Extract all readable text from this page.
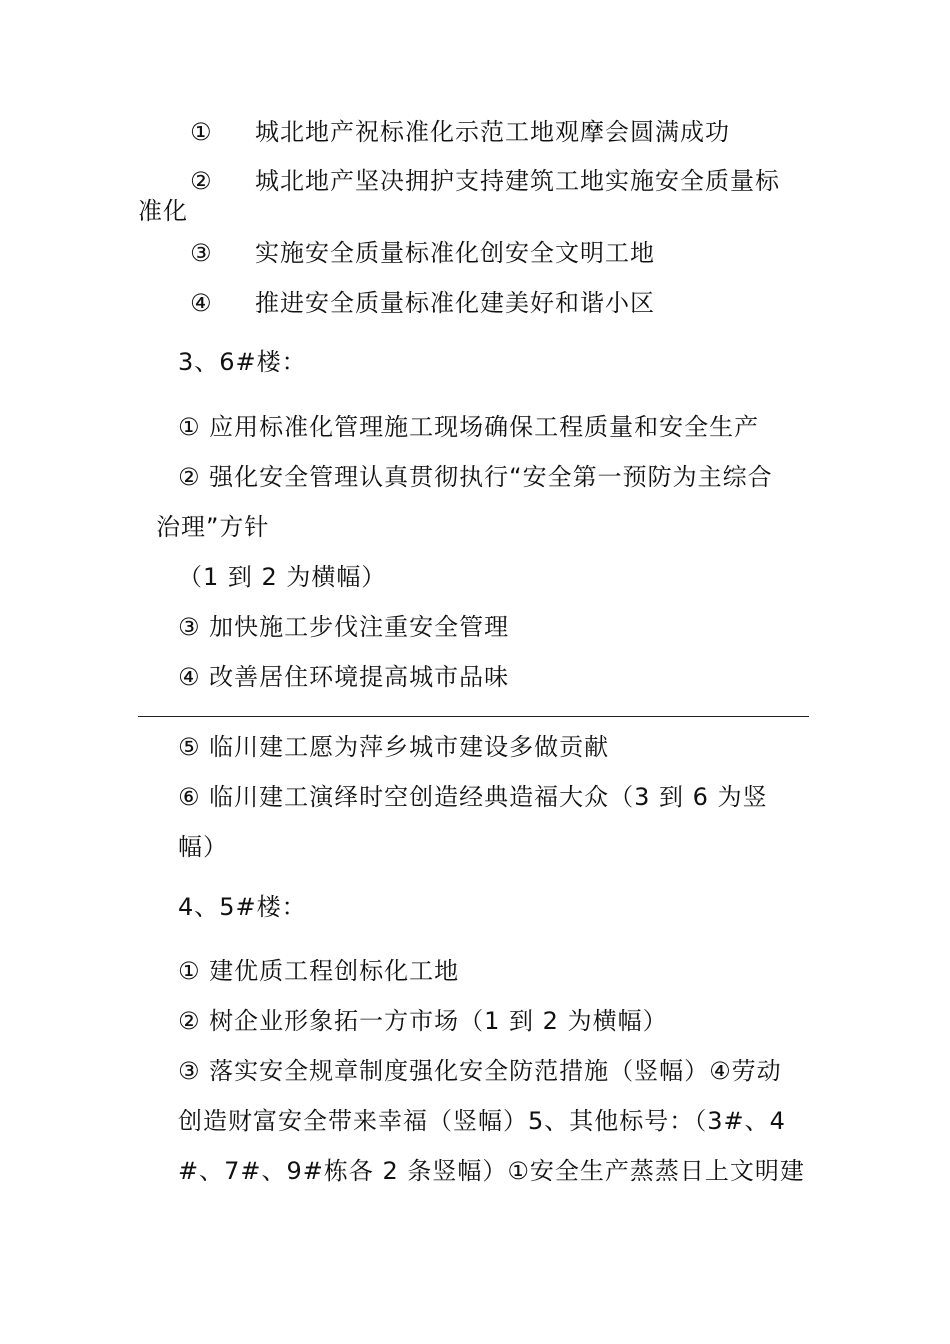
① 城北地产祝标准化示范工地观摩会圆满成功
② 城北地产坚决拥护支持建筑工地实施安全质量标
准化
③ 实施安全质量标准化创安全文明工地
④ 推进安全质量标准化建美好和谐小区
3、6#楼：
① 应用标准化管理施工现场确保工程质量和安全生产
② 强化安全管理认真贯彻执行“安全第一预防为主综合
治理”方针
（1 到 2 为横幅）
③ 加快施工步伐注重安全管理
④ 改善居住环境提高城市品味
⑤ 临川建工愿为萍乡城市建设多做贡献
⑥ 临川建工演绎时空创造经典造福大众（3 到 6 为竖
幅）
4、5#楼：
① 建优质工程创标化工地
② 树企业形象拓一方市场（1 到 2 为横幅）
③ 落实安全规章制度强化安全防范措施（竖幅）④劳动
创造财富安全带来幸福（竖幅）5、其他标号：（3#、4
#、7#、9#栋各 2 条竖幅）①安全生产蒸蒸日上文明建
